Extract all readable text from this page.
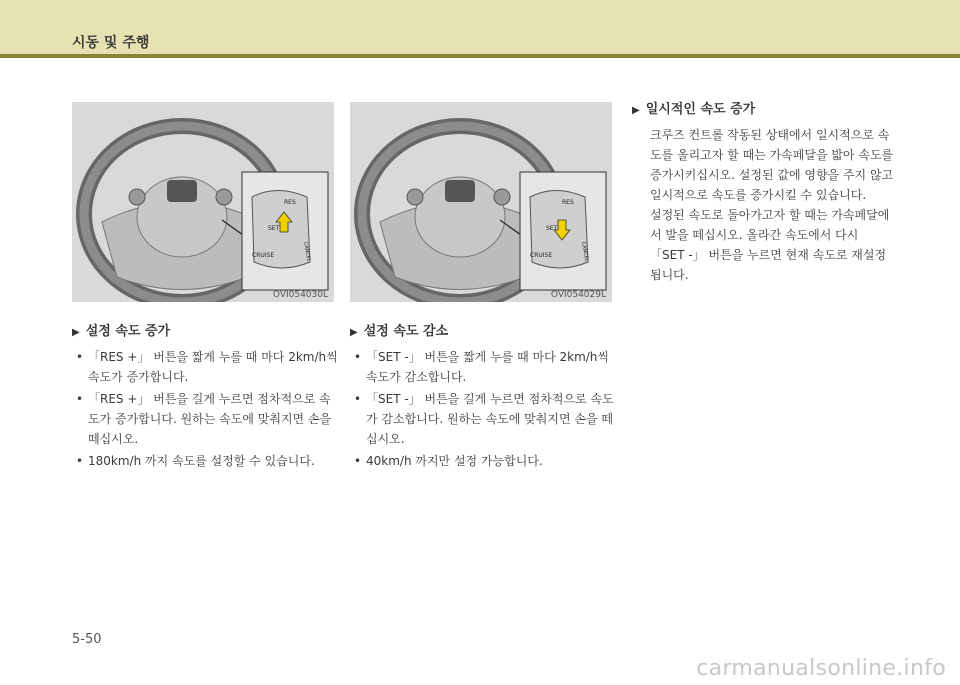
시동 및 주행
RES
SET
CRUISE	CANCEL
OVI054030L
RES
SET
CRUISE	CANCEL
OVI054029L
▶ 설정 속도 증가
• 「RES +」 버튼을 짧게 누를 때 마다 2km/h씩 속도가 증가합니다.
• 「RES +」 버튼을 길게 누르면 점차적으로 속도가 증가합니다. 원하는 속도에 맞춰지면 손을 떼십시오.
• 180km/h 까지 속도를 설정할 수 있습니다.
▶ 설정 속도 감소
• 「SET -」 버튼을 짧게 누를 때 마다 2km/h씩 속도가 감소합니다.
• 「SET -」 버튼을 길게 누르면 점차적으로 속도가 감소합니다. 원하는 속도에 맞춰지면 손을 떼십시오.
• 40km/h 까지만 설정 가능합니다.
▶ 일시적인 속도 증가
크루즈 컨트롤 작동된 상태에서 일시적으로 속도를 올리고자 할 때는 가속페달을 밟아 속도를 증가시키십시오. 설정된 값에 영향을 주지 않고 일시적으로 속도를 증가시킬 수 있습니다.
설정된 속도로 돌아가고자 할 때는 가속페달에서 발을 떼십시오. 올라간 속도에서 다시 「SET -」 버튼을 누르면 현재 속도로 재설정됩니다.
5-50
carmanualsonline.info
